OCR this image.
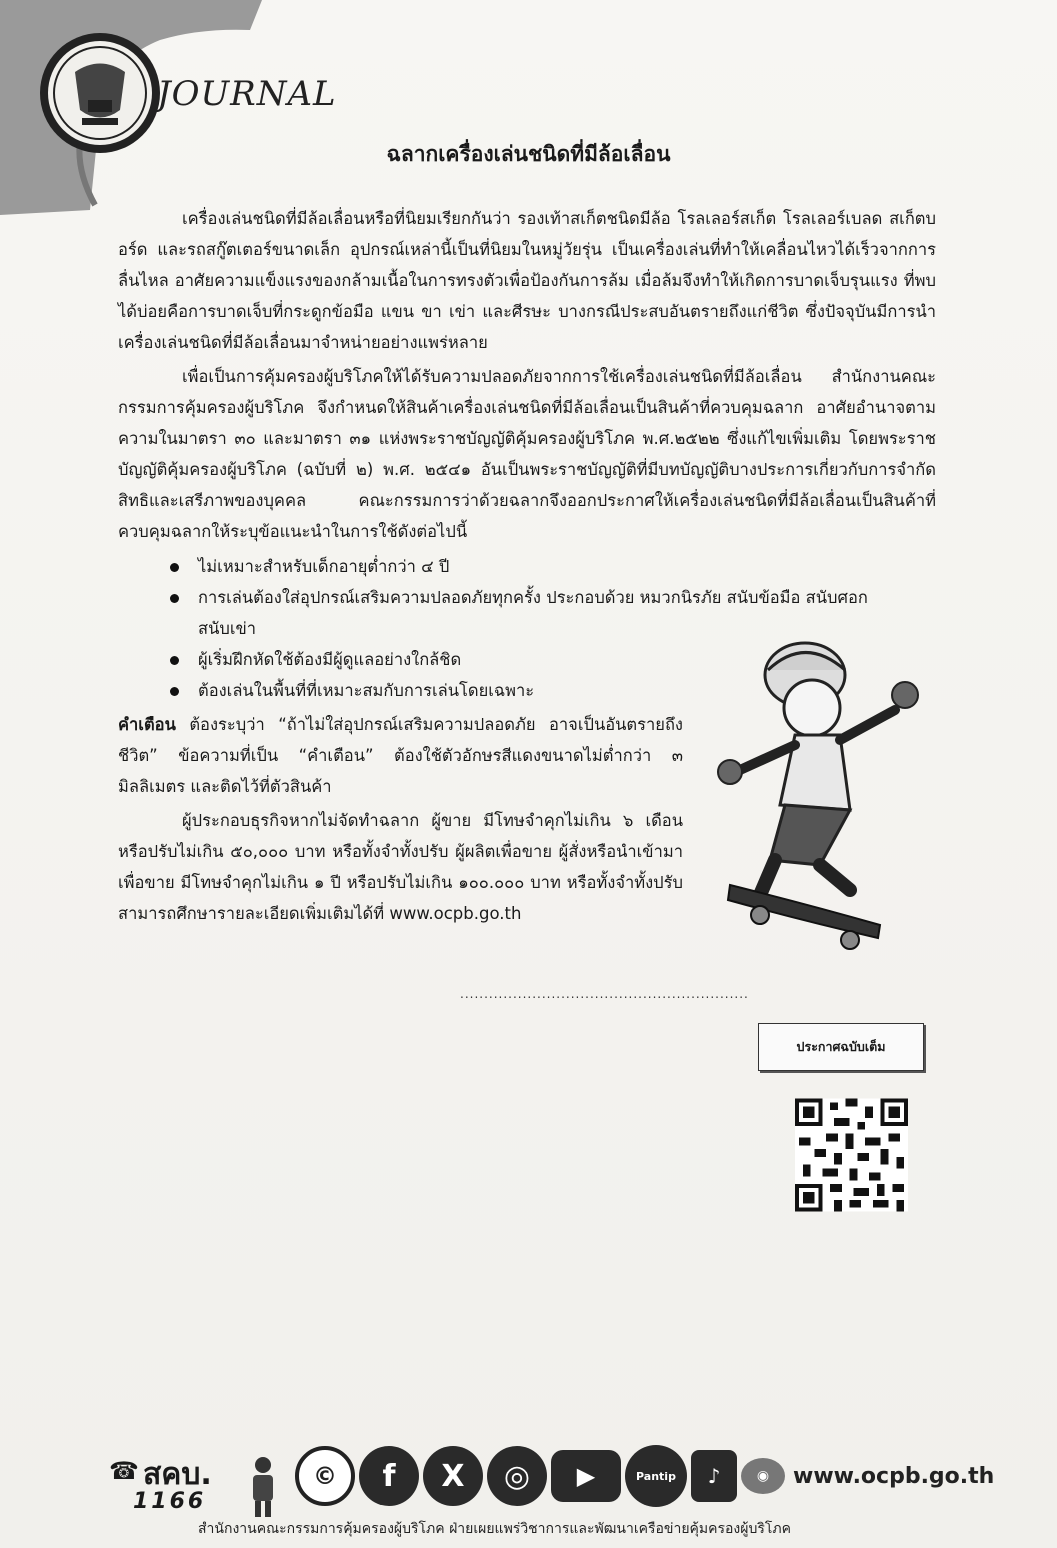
JOURNAL
ฉลากเครื่องเล่นชนิดที่มีล้อเลื่อน

เครื่องเล่นชนิดที่มีล้อเลื่อนหรือที่นิยมเรียกกันว่า รองเท้าสเก็ตชนิดมีล้อ โรลเลอร์สเก็ต โรลเลอร์เบลด สเก็ตบอร์ด และรถสกู๊ตเตอร์ขนาดเล็ก อุปกรณ์เหล่านี้เป็นที่นิยมในหมู่วัยรุ่น เป็นเครื่องเล่นที่ทำให้เคลื่อนไหวได้เร็วจากการลื่นไหล อาศัยความแข็งแรงของกล้ามเนื้อในการทรงตัวเพื่อป้องกันการล้ม เมื่อล้มจึงทำให้เกิดการบาดเจ็บรุนแรง ที่พบได้บ่อยคือการบาดเจ็บที่กระดูกข้อมือ แขน ขา เข่า และศีรษะ บางกรณีประสบอันตรายถึงแก่ชีวิต ซึ่งปัจจุบันมีการนำเครื่องเล่นชนิดที่มีล้อเลื่อนมาจำหน่ายอย่างแพร่หลาย

เพื่อเป็นการคุ้มครองผู้บริโภคให้ได้รับความปลอดภัยจากการใช้เครื่องเล่นชนิดที่มีล้อเลื่อน สำนักงานคณะกรรมการคุ้มครองผู้บริโภค จึงกำหนดให้สินค้าเครื่องเล่นชนิดที่มีล้อเลื่อนเป็นสินค้าที่ควบคุมฉลาก อาศัยอำนาจตามความในมาตรา ๓๐ และมาตรา ๓๑ แห่งพระราชบัญญัติคุ้มครองผู้บริโภค พ.ศ.๒๕๒๒ ซึ่งแก้ไขเพิ่มเติม โดยพระราชบัญญัติคุ้มครองผู้บริโภค (ฉบับที่ ๒) พ.ศ. ๒๕๔๑ อันเป็นพระราชบัญญัติที่มีบทบัญญัติบางประการเกี่ยวกับการจำกัดสิทธิและเสรีภาพของบุคคล คณะกรรมการว่าด้วยฉลากจึงออกประกาศให้เครื่องเล่นชนิดที่มีล้อเลื่อนเป็นสินค้าที่ควบคุมฉลากให้ระบุข้อแนะนำในการใช้ดังต่อไปนี้

ไม่เหมาะสำหรับเด็กอายุต่ำกว่า ๔ ปี
การเล่นต้องใส่อุปกรณ์เสริมความปลอดภัยทุกครั้ง ประกอบด้วย หมวกนิรภัย สนับข้อมือ สนับศอก สนับเข่า
ผู้เริ่มฝึกหัดใช้ต้องมีผู้ดูแลอย่างใกล้ชิด
ต้องเล่นในพื้นที่ที่เหมาะสมกับการเล่นโดยเฉพาะ

คำเตือน ต้องระบุว่า “ถ้าไม่ใส่อุปกรณ์เสริมความปลอดภัย อาจเป็นอันตรายถึงชีวิต” ข้อความที่เป็น “คำเตือน” ต้องใช้ตัวอักษรสีแดงขนาดไม่ต่ำกว่า ๓ มิลลิเมตร และติดไว้ที่ตัวสินค้า

ผู้ประกอบธุรกิจหากไม่จัดทำฉลาก ผู้ขาย มีโทษจำคุกไม่เกิน ๖ เดือน หรือปรับไม่เกิน ๕๐,๐๐๐ บาท หรือทั้งจำทั้งปรับ ผู้ผลิตเพื่อขาย ผู้สั่งหรือนำเข้ามาเพื่อขาย มีโทษจำคุกไม่เกิน ๑ ปี หรือปรับไม่เกิน ๑๐๐.๐๐๐ บาท หรือทั้งจำทั้งปรับ สามารถศึกษารายละเอียดเพิ่มเติมได้ที่ www.ocpb.go.th

............................................................
ประกาศฉบับเต็ม
☎ สคบ.
1166
©	f	X	◎	▶	Pantip	♪	◉	www.ocpb.go.th
สำนักงานคณะกรรมการคุ้มครองผู้บริโภค ฝ่ายเผยแพร่วิชาการและพัฒนาเครือข่ายคุ้มครองผู้บริโภค
